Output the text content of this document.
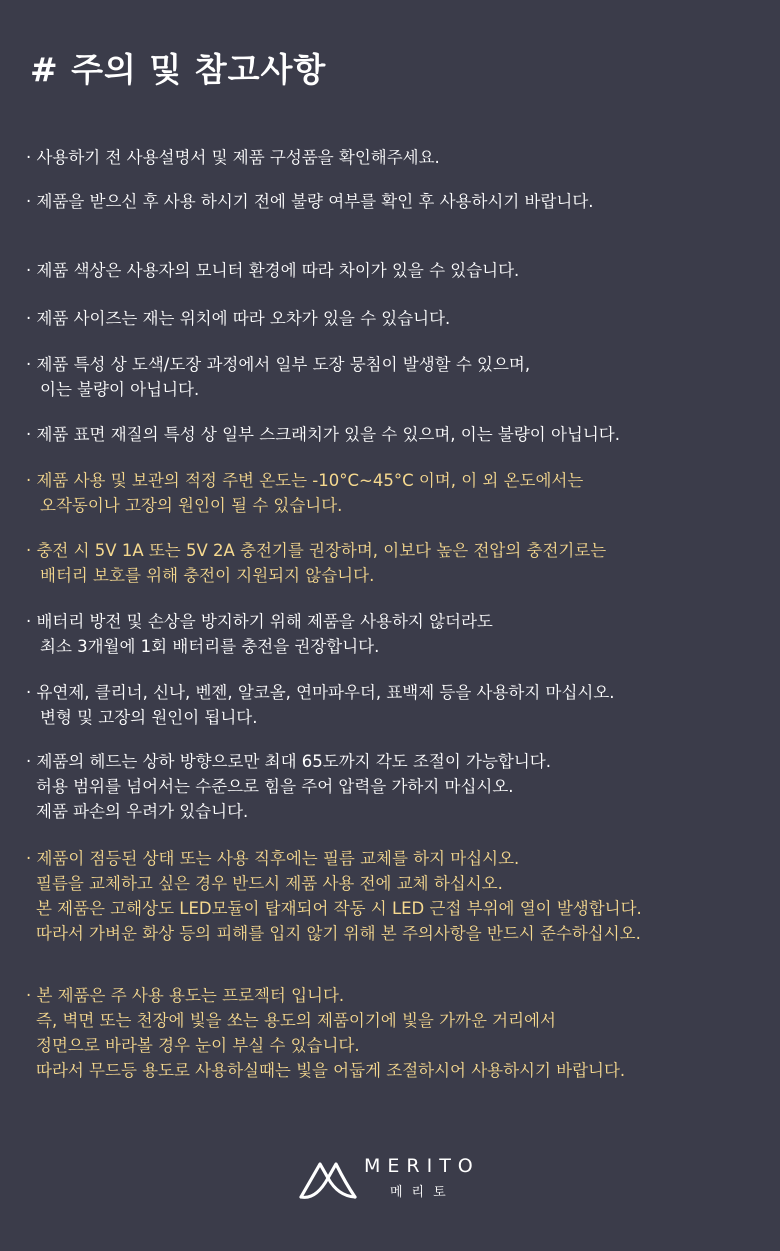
# 주의 및 참고사항
· 사용하기 전 사용설명서 및 제품 구성품을 확인해주세요.
· 제품을 받으신 후 사용 하시기 전에 불량 여부를 확인 후 사용하시기 바랍니다.
· 제품 색상은 사용자의 모니터 환경에 따라 차이가 있을 수 있습니다.
· 제품 사이즈는 재는 위치에 따라 오차가 있을 수 있습니다.
· 제품 특성 상 도색/도장 과정에서 일부 도장 뭉침이 발생할 수 있으며,
이는 불량이 아닙니다.
· 제품 표면 재질의 특성 상 일부 스크래치가 있을 수 있으며, 이는 불량이 아닙니다.
· 제품 사용 및 보관의 적정 주변 온도는 -10°C~45°C 이며, 이 외 온도에서는
오작동이나 고장의 원인이 될 수 있습니다.
· 충전 시 5V 1A 또는 5V 2A 충전기를 권장하며, 이보다 높은 전압의 충전기로는
배터리 보호를 위해 충전이 지원되지 않습니다.
· 배터리 방전 및 손상을 방지하기 위해 제품을 사용하지 않더라도
최소 3개월에 1회 배터리를 충전을 권장합니다.
· 유연제, 클리너, 신나, 벤젠, 알코올, 연마파우더, 표백제 등을 사용하지 마십시오.
변형 및 고장의 원인이 됩니다.
· 제품의 헤드는 상하 방향으로만 최대 65도까지 각도 조절이 가능합니다.
허용 범위를 넘어서는 수준으로 힘을 주어 압력을 가하지 마십시오.
제품 파손의 우려가 있습니다.
· 제품이 점등된 상태 또는 사용 직후에는 필름 교체를 하지 마십시오.
필름을 교체하고 싶은 경우 반드시 제품 사용 전에 교체 하십시오.
본 제품은 고해상도 LED모듈이 탑재되어 작동 시 LED 근접 부위에 열이 발생합니다.
따라서 가벼운 화상 등의 피해를 입지 않기 위해 본 주의사항을 반드시 준수하십시오.
· 본 제품은 주 사용 용도는 프로젝터 입니다.
즉, 벽면 또는 천장에 빛을 쏘는 용도의 제품이기에 빛을 가까운 거리에서
정면으로 바라볼 경우 눈이 부실 수 있습니다.
따라서 무드등 용도로 사용하실때는 빛을 어둡게 조절하시어 사용하시기 바랍니다.
MERITO
메리토
